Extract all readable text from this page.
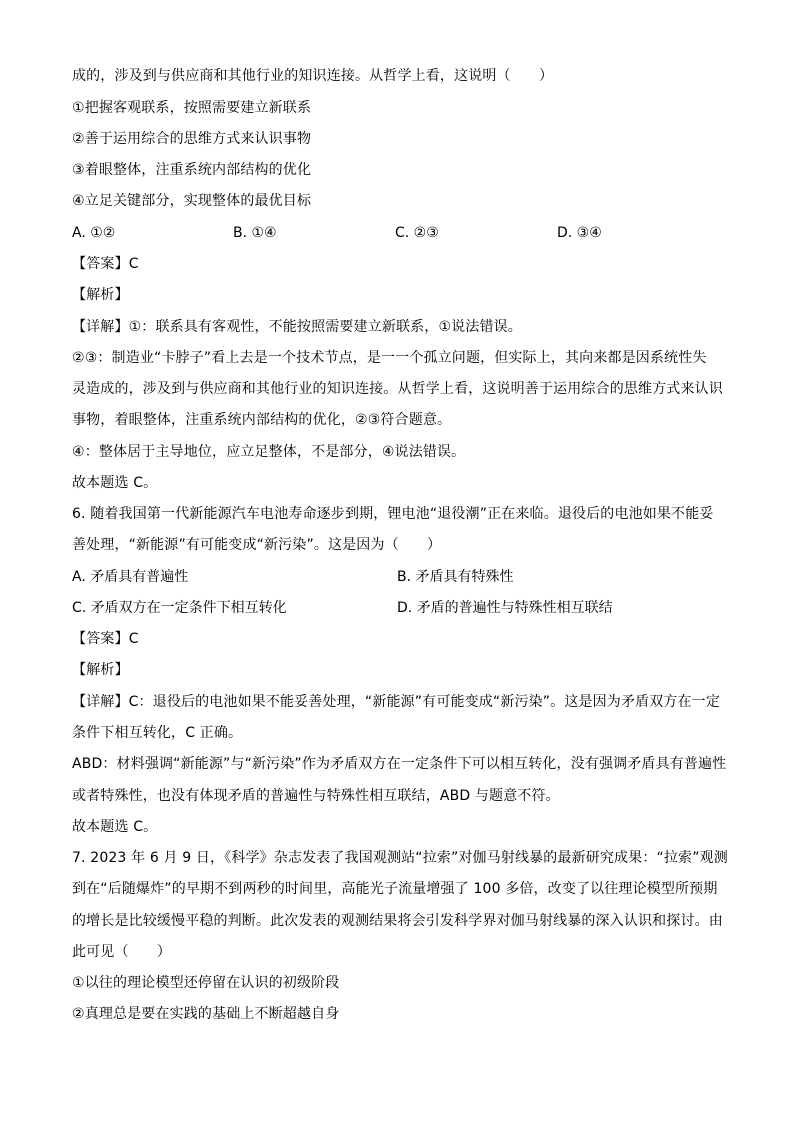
成的，涉及到与供应商和其他行业的知识连接。从哲学上看，这说明（　　）
①把握客观联系，按照需要建立新联系
②善于运用综合的思维方式来认识事物
③着眼整体，注重系统内部结构的优化
④立足关键部分，实现整体的最优目标
A. ①②	B. ①④	C. ②③	D. ③④
【答案】C
【解析】
【详解】①：联系具有客观性，不能按照需要建立新联系，①说法错误。
②③：制造业“卡脖子”看上去是一个技术节点，是一一个孤立问题，但实际上，其向来都是因系统性失
灵造成的，涉及到与供应商和其他行业的知识连接。从哲学上看，这说明善于运用综合的思维方式来认识
事物，着眼整体，注重系统内部结构的优化，②③符合题意。
④：整体居于主导地位，应立足整体，不是部分，④说法错误。
故本题选 C。
6. 随着我国第一代新能源汽车电池寿命逐步到期，锂电池“退役潮”正在来临。退役后的电池如果不能妥
善处理，“新能源”有可能变成“新污染”。这是因为（　　）
A. 矛盾具有普遍性	B. 矛盾具有特殊性
C. 矛盾双方在一定条件下相互转化	D. 矛盾的普遍性与特殊性相互联结
【答案】C
【解析】
【详解】C：退役后的电池如果不能妥善处理，“新能源”有可能变成“新污染”。这是因为矛盾双方在一定
条件下相互转化，C 正确。
ABD：材料强调“新能源”与“新污染”作为矛盾双方在一定条件下可以相互转化，没有强调矛盾具有普遍性
或者特殊性，也没有体现矛盾的普遍性与特殊性相互联结，ABD 与题意不符。
故本题选 C。
7. 2023 年 6 月 9 日，《科学》杂志发表了我国观测站“拉索”对伽马射线暴的最新研究成果：“拉索”观测
到在“后随爆炸”的早期不到两秒的时间里，高能光子流量增强了 100 多倍，改变了以往理论模型所预期
的增长是比较缓慢平稳的判断。此次发表的观测结果将会引发科学界对伽马射线暴的深入认识和探讨。由
此可见（　　）
①以往的理论模型还停留在认识的初级阶段
②真理总是要在实践的基础上不断超越自身
